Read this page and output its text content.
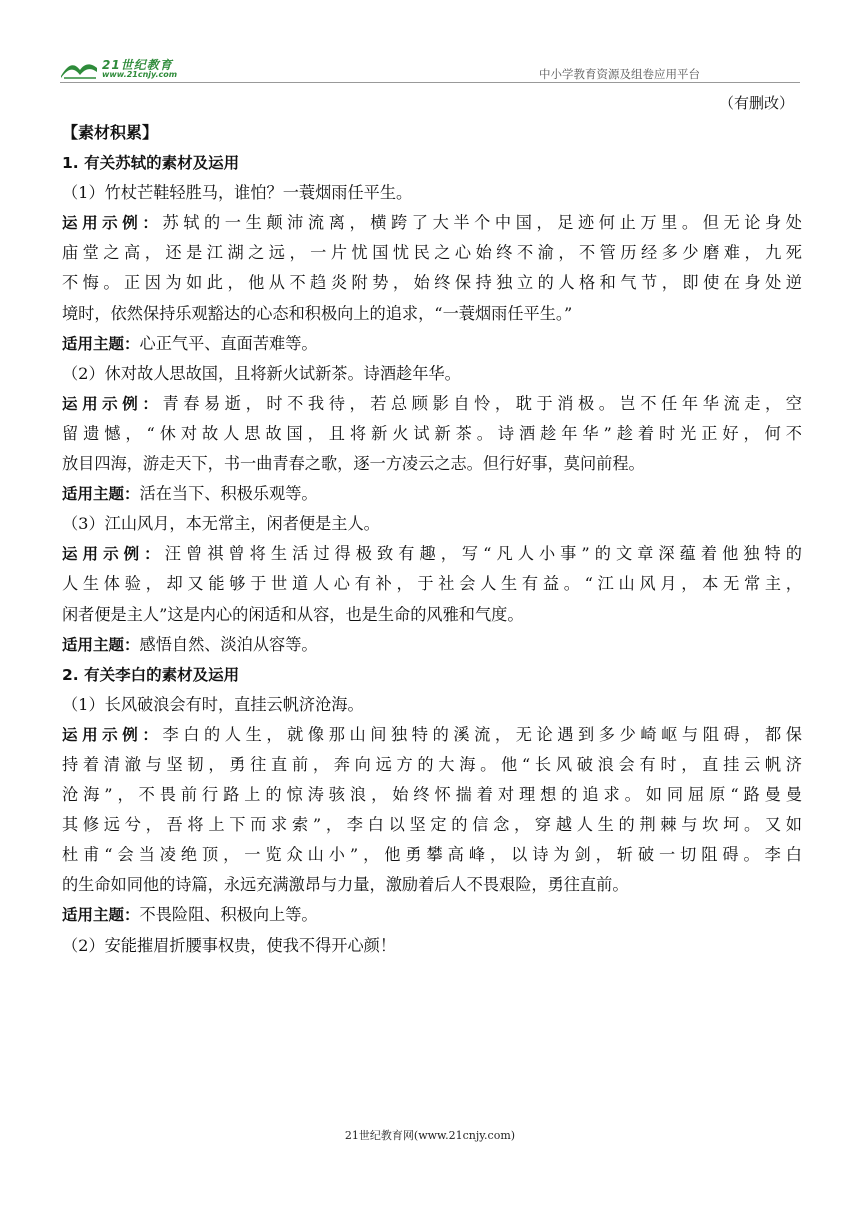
21世纪教育
www.21cnjy.com	中小学教育资源及组卷应用平台
（有删改）
【素材积累】
1. 有关苏轼的素材及运用
（1）竹杖芒鞋轻胜马，谁怕？一蓑烟雨任平生。
运用示例：苏轼的一生颠沛流离，横跨了大半个中国，足迹何止万里。但无论身处
庙堂之高，还是江湖之远，一片忧国忧民之心始终不渝，不管历经多少磨难，九死
不悔。正因为如此，他从不趋炎附势，始终保持独立的人格和气节，即使在身处逆
境时，依然保持乐观豁达的心态和积极向上的追求，“一蓑烟雨任平生。”
适用主题：心正气平、直面苦难等。
（2）休对故人思故国，且将新火试新茶。诗酒趁年华。
运用示例：青春易逝，时不我待，若总顾影自怜，耽于消极。岂不任年华流走，空
留遗憾，“休对故人思故国，且将新火试新茶。诗酒趁年华”趁着时光正好，何不
放目四海，游走天下，书一曲青春之歌，逐一方凌云之志。但行好事，莫问前程。
适用主题：活在当下、积极乐观等。
（3）江山风月，本无常主，闲者便是主人。
运用示例：汪曾祺曾将生活过得极致有趣，写“凡人小事”的文章深蕴着他独特的
人生体验，却又能够于世道人心有补，于社会人生有益。“江山风月，本无常主，
闲者便是主人”这是内心的闲适和从容，也是生命的风雅和气度。
适用主题：感悟自然、淡泊从容等。
2. 有关李白的素材及运用
（1）长风破浪会有时，直挂云帆济沧海。
运用示例：李白的人生，就像那山间独特的溪流，无论遇到多少崎岖与阻碍，都保
持着清澈与坚韧，勇往直前，奔向远方的大海。他“长风破浪会有时，直挂云帆济
沧海”，不畏前行路上的惊涛骇浪，始终怀揣着对理想的追求。如同屈原“路曼曼
其修远兮，吾将上下而求索”，李白以坚定的信念，穿越人生的荆棘与坎坷。又如
杜甫“会当凌绝顶，一览众山小”，他勇攀高峰，以诗为剑，斩破一切阻碍。李白
的生命如同他的诗篇，永远充满激昂与力量，激励着后人不畏艰险，勇往直前。
适用主题：不畏险阻、积极向上等。
（2）安能摧眉折腰事权贵，使我不得开心颜！
21世纪教育网(www.21cnjy.com)
